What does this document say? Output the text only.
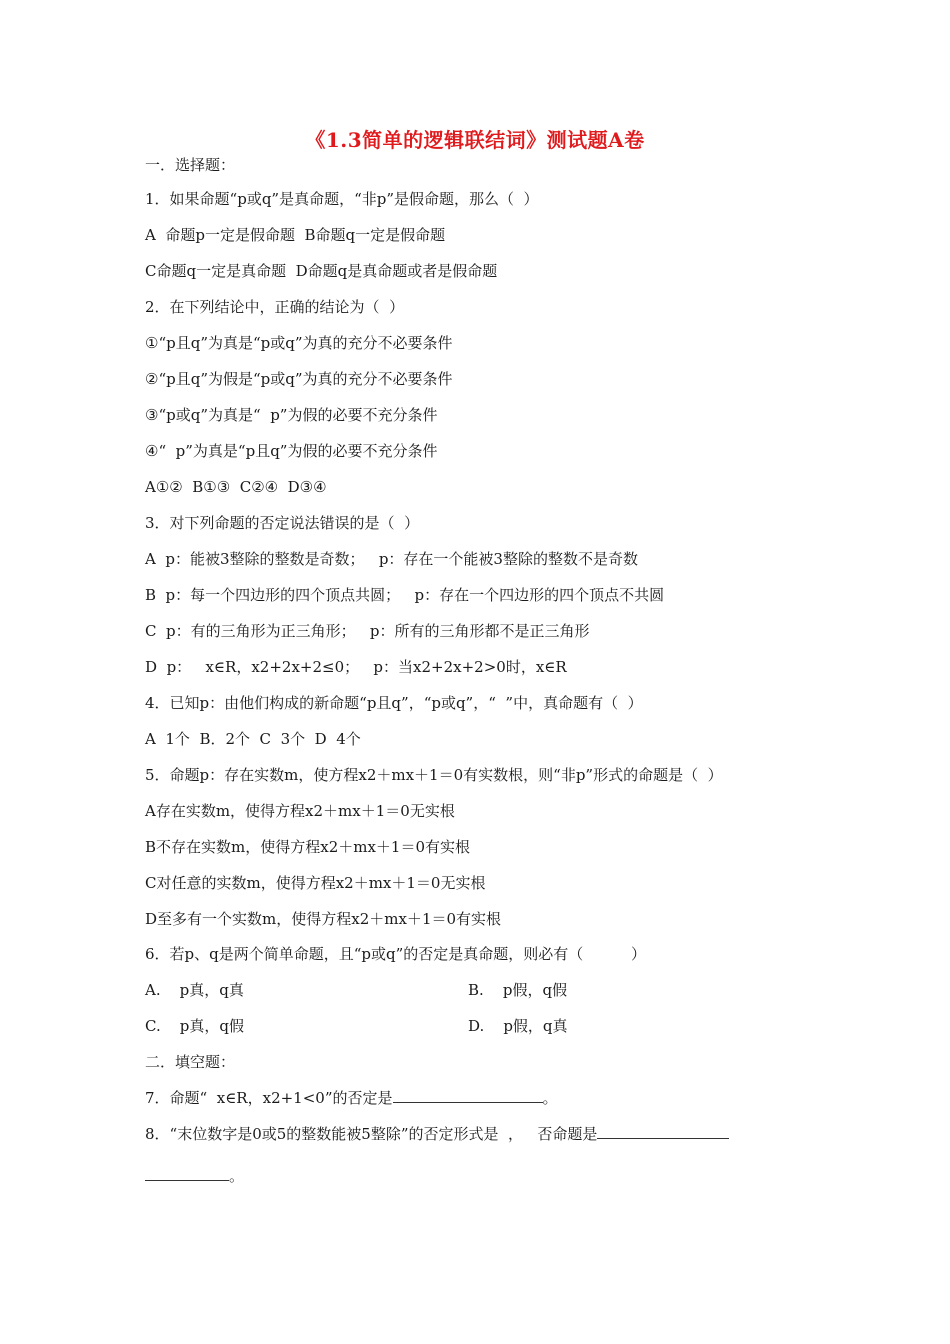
《1.3简单的逻辑联结词》测试题A卷
一．选择题：
1．如果命题“p或q”是真命题，“非p”是假命题，那么（  ）
A  命题p一定是假命题  B命题q一定是假命题
C命题q一定是真命题  D命题q是真命题或者是假命题
2．在下列结论中，正确的结论为（  ）
①“p且q”为真是“p或q”为真的充分不必要条件
②“p且q”为假是“p或q”为真的充分不必要条件
③“p或q”为真是“  p”为假的必要不充分条件
④“  p”为真是“p且q”为假的必要不充分条件
A①②  B①③  C②④  D③④
3．对下列命题的否定说法错误的是（  ）
A  p：能被3整除的整数是奇数；   p：存在一个能被3整除的整数不是奇数
B  p：每一个四边形的四个顶点共圆；   p：存在一个四边形的四个顶点不共圆
C  p：有的三角形为正三角形；   p：所有的三角形都不是正三角形
D  p：   x∈R，x2+2x+2≤0；   p：当x2+2x+2>0时，x∈R
4．已知p：由他们构成的新命题“p且q”，“p或q”，“  ”中，真命题有（  ）
A  1个  B．2个  C  3个  D  4个
5．命题p：存在实数m，使方程x2＋mx＋1＝0有实数根，则“非p”形式的命题是（  ）
A存在实数m，使得方程x2＋mx＋1＝0无实根
B不存在实数m，使得方程x2＋mx＋1＝0有实根
C对任意的实数m，使得方程x2＋mx＋1＝0无实根
D至多有一个实数m，使得方程x2＋mx＋1＝0有实根
6．若p、q是两个简单命题，且“p或q”的否定是真命题，则必有（          ）
A.    p真，q真	B.    p假，q假
C.    p真，q假	D.    p假，q真
二．填空题：
7．命题“  x∈R，x2+1<0”的否定是	。
8．“末位数字是0或5的整数能被5整除”的否定形式是  ，   否命题是
。
